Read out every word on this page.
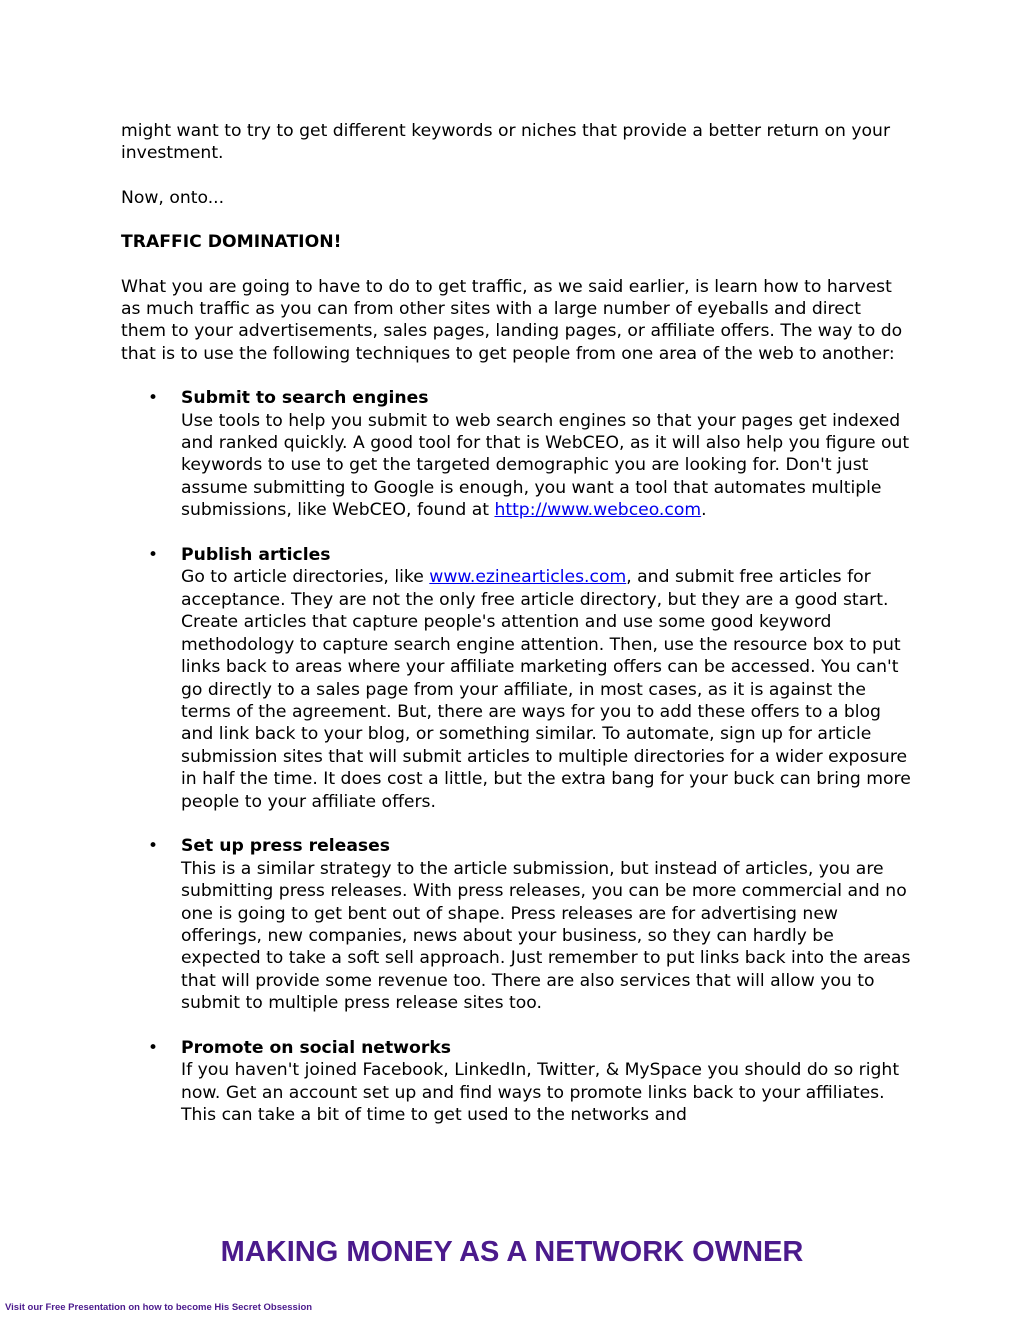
might want to try to get different keywords or niches that provide a better return on your investment.

Now, onto...

TRAFFIC DOMINATION!

What you are going to have to do to get traffic, as we said earlier, is learn how to harvest as much traffic as you can from other sites with a large number of eyeballs and direct them to your advertisements, sales pages, landing pages, or affiliate offers. The way to do that is to use the following techniques to get people from one area of the web to another:

• Submit to search engines
Use tools to help you submit to web search engines so that your pages get indexed and ranked quickly. A good tool for that is WebCEO, as it will also help you figure out keywords to use to get the targeted demographic you are looking for. Don't just assume submitting to Google is enough, you want a tool that automates multiple submissions, like WebCEO, found at http://www.webceo.com.
• Publish articles
Go to article directories, like www.ezinearticles.com, and submit free articles for acceptance. They are not the only free article directory, but they are a good start. Create articles that capture people's attention and use some good keyword methodology to capture search engine attention. Then, use the resource box to put links back to areas where your affiliate marketing offers can be accessed. You can't go directly to a sales page from your affiliate, in most cases, as it is against the terms of the agreement. But, there are ways for you to add these offers to a blog and link back to your blog, or something similar. To automate, sign up for article submission sites that will submit articles to multiple directories for a wider exposure in half the time. It does cost a little, but the extra bang for your buck can bring more people to your affiliate offers.
• Set up press releases
This is a similar strategy to the article submission, but instead of articles, you are submitting press releases. With press releases, you can be more commercial and no one is going to get bent out of shape. Press releases are for advertising new offerings, new companies, news about your business, so they can hardly be expected to take a soft sell approach. Just remember to put links back into the areas that will provide some revenue too. There are also services that will allow you to submit to multiple press release sites too.
• Promote on social networks
If you haven't joined Facebook, LinkedIn, Twitter, & MySpace you should do so right now. Get an account set up and find ways to promote links back to your affiliates. This can take a bit of time to get used to the networks and
MAKING MONEY AS A NETWORK OWNER
Visit our Free Presentation on how to become His Secret Obsession
